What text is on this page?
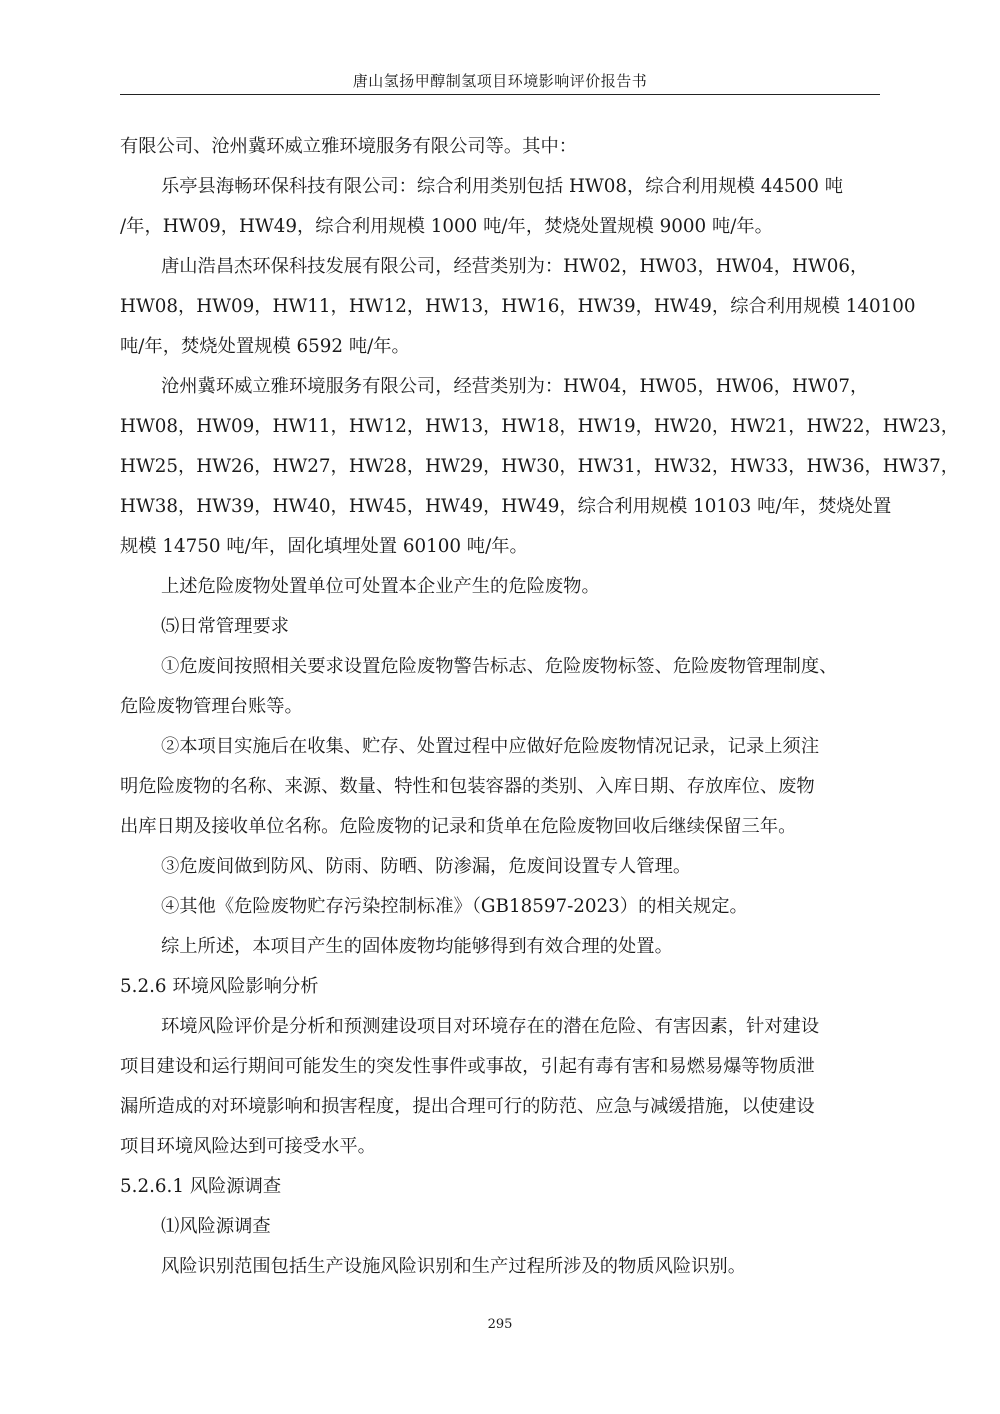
唐山氢扬甲醇制氢项目环境影响评价报告书

有限公司、沧州冀环威立雅环境服务有限公司等。其中：

乐亭县海畅环保科技有限公司：综合利用类别包括 HW08，综合利用规模 44500 吨

/年，HW09，HW49，综合利用规模 1000 吨/年，焚烧处置规模 9000 吨/年。

唐山浩昌杰环保科技发展有限公司，经营类别为：HW02，HW03，HW04，HW06，

HW08，HW09，HW11，HW12，HW13，HW16，HW39，HW49，综合利用规模 140100

吨/年，焚烧处置规模 6592 吨/年。

沧州冀环威立雅环境服务有限公司，经营类别为：HW04，HW05，HW06，HW07，

HW08，HW09，HW11，HW12，HW13，HW18，HW19，HW20，HW21，HW22，HW23，

HW25，HW26，HW27，HW28，HW29，HW30，HW31，HW32，HW33，HW36，HW37，

HW38，HW39，HW40，HW45，HW49，HW49，综合利用规模 10103 吨/年，焚烧处置

规模 14750 吨/年，固化填埋处置 60100 吨/年。

上述危险废物处置单位可处置本企业产生的危险废物。

⑸日常管理要求

①危废间按照相关要求设置危险废物警告标志、危险废物标签、危险废物管理制度、

危险废物管理台账等。

②本项目实施后在收集、贮存、处置过程中应做好危险废物情况记录，记录上须注

明危险废物的名称、来源、数量、特性和包装容器的类别、入库日期、存放库位、废物

出库日期及接收单位名称。危险废物的记录和货单在危险废物回收后继续保留三年。

③危废间做到防风、防雨、防晒、防渗漏，危废间设置专人管理。

④其他《危险废物贮存污染控制标准》（GB18597-2023）的相关规定。

综上所述，本项目产生的固体废物均能够得到有效合理的处置。

5.2.6 环境风险影响分析

环境风险评价是分析和预测建设项目对环境存在的潜在危险、有害因素，针对建设

项目建设和运行期间可能发生的突发性事件或事故，引起有毒有害和易燃易爆等物质泄

漏所造成的对环境影响和损害程度，提出合理可行的防范、应急与减缓措施，以使建设

项目环境风险达到可接受水平。

5.2.6.1 风险源调查

⑴风险源调查

风险识别范围包括生产设施风险识别和生产过程所涉及的物质风险识别。

295
